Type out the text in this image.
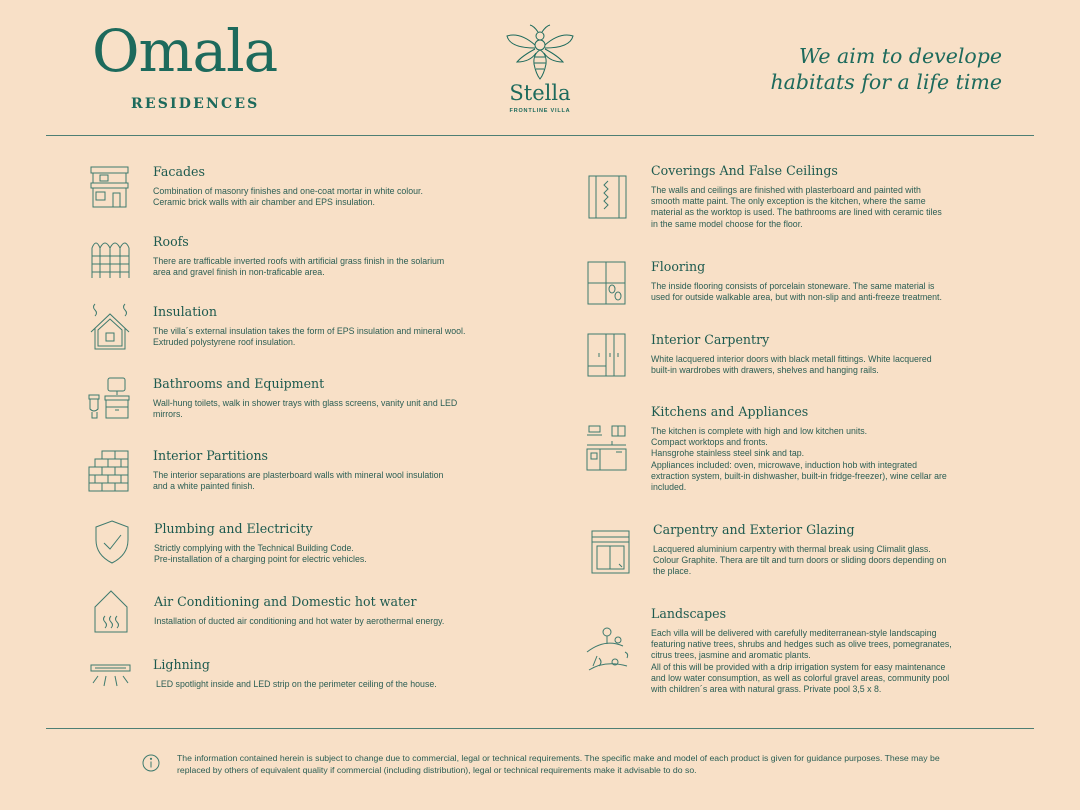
Omala
RESIDENCES	Stella
FRONTLINE VILLA
We aim to develope
habitats for a life time
Facades
Combination of masonry finishes and one-coat mortar in white colour.
Ceramic brick walls with air chamber and EPS insulation.
Roofs
There are trafficable inverted roofs with artificial grass finish in the solarium
area and gravel finish in non-traficable area.
Insulation
The villa´s external insulation takes the form of EPS insulation and mineral wool.
Extruded polystyrene roof insulation.
Bathrooms and Equipment
Wall-hung toilets, walk in shower trays with glass screens, vanity unit and LED
mirrors.
Interior Partitions
The interior separations are plasterboard walls with mineral wool insulation
and a white painted finish.
Plumbing and Electricity
Strictly complying with the Technical Building Code.
Pre-installation of a charging point for electric vehicles.
Air Conditioning and Domestic hot water
Installation of ducted air conditioning and hot water by aerothermal energy.
Lighning
LED spotlight inside and LED strip on the perimeter ceiling of the house.
Coverings And False Ceilings
The walls and ceilings are finished with plasterboard and painted with
smooth matte paint. The only exception is the kitchen, where the same
material as the worktop is used. The bathrooms are lined with ceramic tiles
in the same model choose for the floor.
Flooring
The inside flooring consists of porcelain stoneware. The same material is
used for outside walkable area, but with non-slip and anti-freeze treatment.
Interior Carpentry
White lacquered interior doors with black metall fittings. White lacquered
built-in wardrobes with drawers, shelves and hanging rails.
Kitchens and Appliances
The kitchen is complete with high and low kitchen units.
Compact worktops and fronts.
Hansgrohe stainless steel sink and tap.
Appliances included: oven, microwave, induction hob with integrated
extraction system, built-in dishwasher, built-in fridge-freezer), wine cellar are
included.
Carpentry and Exterior Glazing
Lacquered aluminium carpentry with thermal break using Climalit glass.
Colour Graphite. Thera are tilt and turn doors or sliding doors depending on
the place.
Landscapes
Each villa will be delivered with carefully mediterranean-style landscaping
featuring native trees, shrubs and hedges such as olive trees, pomegranates,
citrus trees, jasmine and aromatic plants.
All of this will be provided with a drip irrigation system for easy maintenance
and low water consumption, as well as colorful gravel areas, community pool
with children´s area with natural grass. Private pool 3,5 x 8.
The information contained herein is subject to change due to commercial, legal or technical requirements. The specific make and model of each product is given for guidance purposes. These may be replaced by others of equivalent quality if commercial (including distribution), legal or technical requirements make it advisable to do so.
